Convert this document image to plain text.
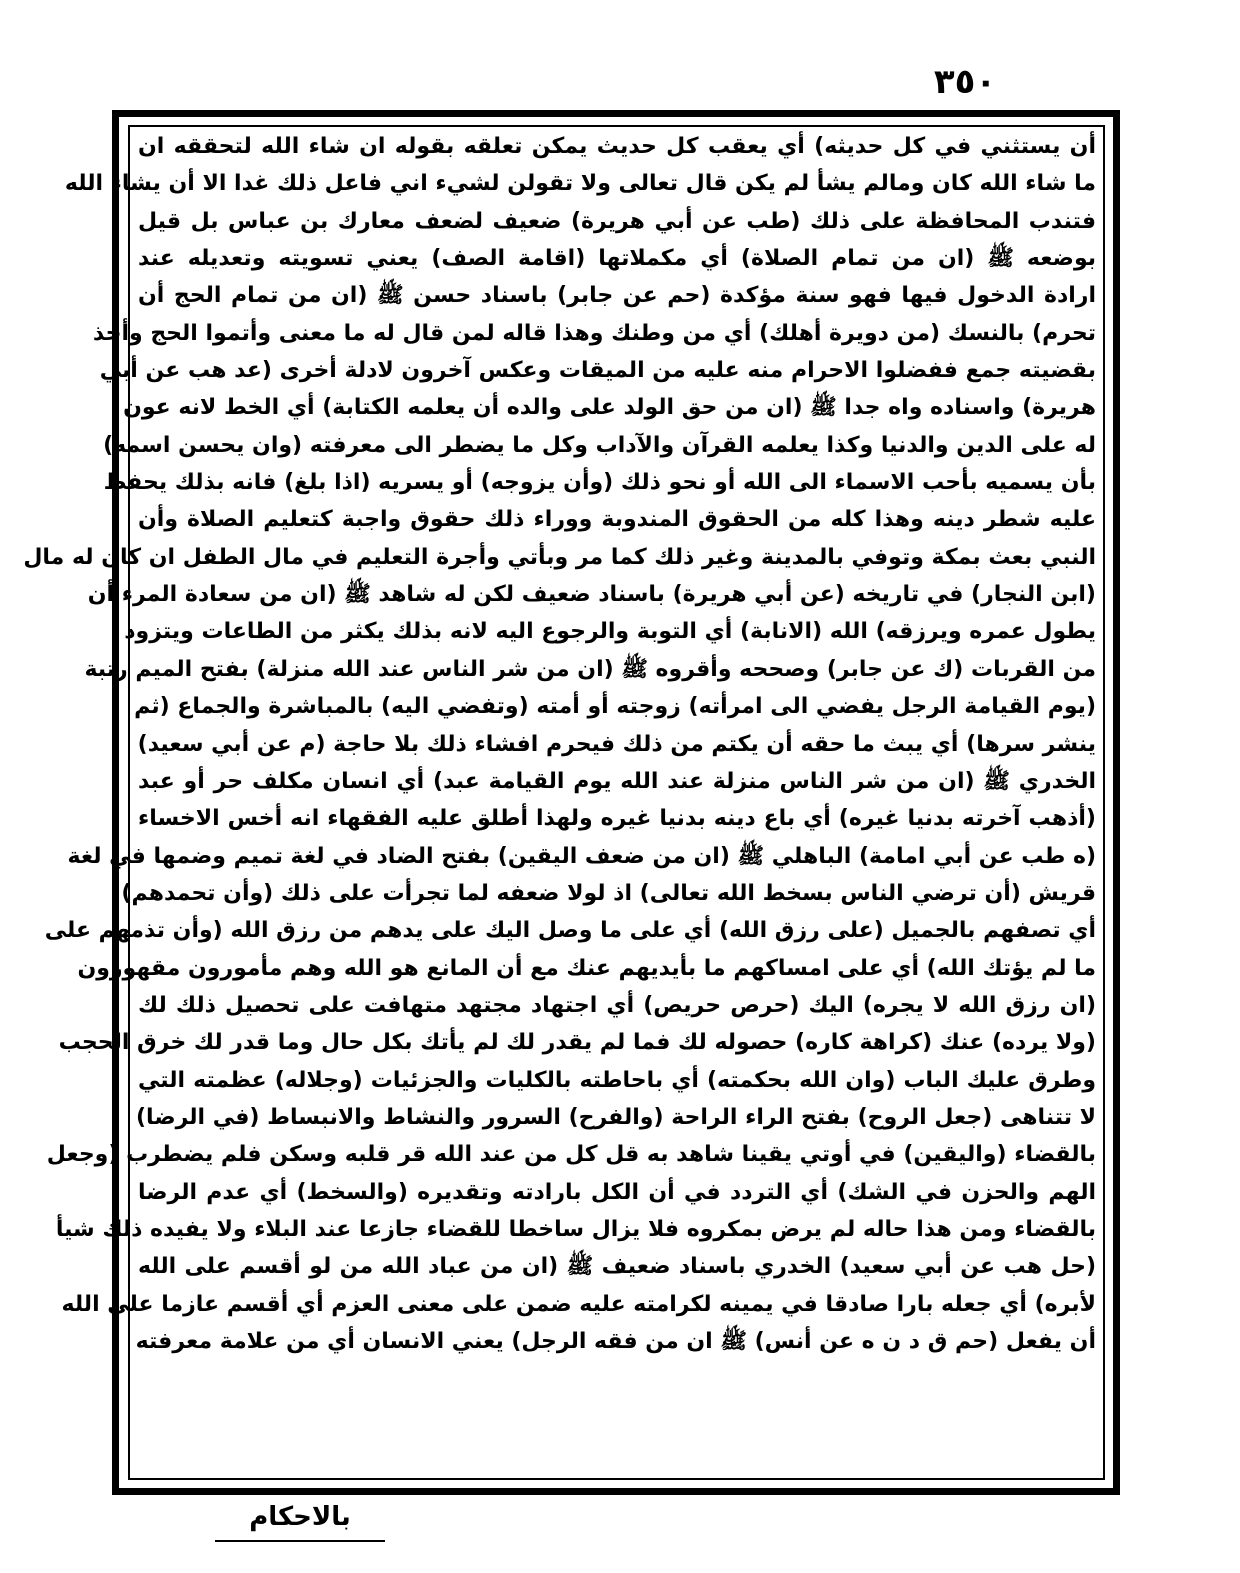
٣٥٠
أن يستثني في كل حديثه) أي يعقب كل حديث يمكن تعلقه بقوله ان شاء الله لتحققه ان
ما شاء الله كان ومالم يشأ لم يكن قال تعالى ولا تقولن لشيء اني فاعل ذلك غدا الا أن يشاء الله
فتندب المحافظة على ذلك (طب عن أبي هريرة) ضعيف لضعف معارك بن عباس بل قيل
بوضعه ﷺ (ان من تمام الصلاة) أي مكملاتها (اقامة الصف) يعني تسويته وتعديله عند
ارادة الدخول فيها فهو سنة مؤكدة (حم عن جابر) باسناد حسن ﷺ (ان من تمام الحج أن
تحرم) بالنسك (من دويرة أهلك) أي من وطنك وهذا قاله لمن قال له ما معنى وأتموا الحج وأخذ
بقضيته جمع ففضلوا الاحرام منه عليه من الميقات وعكس آخرون لادلة أخرى (عد هب عن أبي
هريرة) واسناده واه جدا ﷺ (ان من حق الولد على والده أن يعلمه الكتابة) أي الخط لانه عون
له على الدين والدنيا وكذا يعلمه القرآن والآداب وكل ما يضطر الى معرفته (وان يحسن اسمه)
بأن يسميه بأحب الاسماء الى الله أو نحو ذلك (وأن يزوجه) أو يسريه (اذا بلغ) فانه بذلك يحفظ
عليه شطر دينه وهذا كله من الحقوق المندوبة ووراء ذلك حقوق واجبة كتعليم الصلاة وأن
النبي بعث بمكة وتوفي بالمدينة وغير ذلك كما مر وبأتي وأجرة التعليم في مال الطفل ان كان له مال
(ابن النجار) في تاريخه (عن أبي هريرة) باسناد ضعيف لكن له شاهد ﷺ (ان من سعادة المرء أن
يطول عمره ويرزقه) الله (الانابة) أي التوبة والرجوع اليه لانه بذلك يكثر من الطاعات ويتزود
من القربات (ك عن جابر) وصححه وأقروه ﷺ (ان من شر الناس عند الله منزلة) بفتح الميم رتبة
(يوم القيامة الرجل يفضي الى امرأته) زوجته أو أمته (وتفضي اليه) بالمباشرة والجماع (ثم
ينشر سرها) أي يبث ما حقه أن يكتم من ذلك فيحرم افشاء ذلك بلا حاجة (م عن أبي سعيد)
الخدري ﷺ (ان من شر الناس منزلة عند الله يوم القيامة عبد) أي انسان مكلف حر أو عبد
(أذهب آخرته بدنيا غيره) أي باع دينه بدنيا غيره ولهذا أطلق عليه الفقهاء انه أخس الاخساء
(ه طب عن أبي امامة) الباهلي ﷺ (ان من ضعف اليقين) بفتح الضاد في لغة تميم وضمها في لغة
قريش (أن ترضي الناس بسخط الله تعالى) اذ لولا ضعفه لما تجرأت على ذلك (وأن تحمدهم)
أي تصفهم بالجميل (على رزق الله) أي على ما وصل اليك على يدهم من رزق الله (وأن تذمهم على
ما لم يؤتك الله) أي على امساكهم ما بأيديهم عنك مع أن المانع هو الله وهم مأمورون مقهورون
(ان رزق الله لا يجره) اليك (حرص حريص) أي اجتهاد مجتهد متهافت على تحصيل ذلك لك
(ولا يرده) عنك (كراهة كاره) حصوله لك فما لم يقدر لك لم يأتك بكل حال وما قدر لك خرق الحجب
وطرق عليك الباب (وان الله بحكمته) أي باحاطته بالكليات والجزئيات (وجلاله) عظمته التي
لا تتناهى (جعل الروح) بفتح الراء الراحة (والفرح) السرور والنشاط والانبساط (في الرضا)
بالقضاء (واليقين) في أوتي يقينا شاهد به قل كل من عند الله قر قلبه وسكن فلم يضطرب (وجعل
الهم والحزن في الشك) أي التردد في أن الكل بارادته وتقديره (والسخط) أي عدم الرضا
بالقضاء ومن هذا حاله لم يرض بمكروه فلا يزال ساخطا للقضاء جازعا عند البلاء ولا يفيده ذلك شيأ
(حل هب عن أبي سعيد) الخدري باسناد ضعيف ﷺ (ان من عباد الله من لو أقسم على الله
لأبره) أي جعله بارا صادقا في يمينه لكرامته عليه ضمن على معنى العزم أي أقسم عازما على الله
أن يفعل (حم ق د ن ه عن أنس) ﷺ ان من فقه الرجل) يعني الانسان أي من علامة معرفته
بالاحكام
